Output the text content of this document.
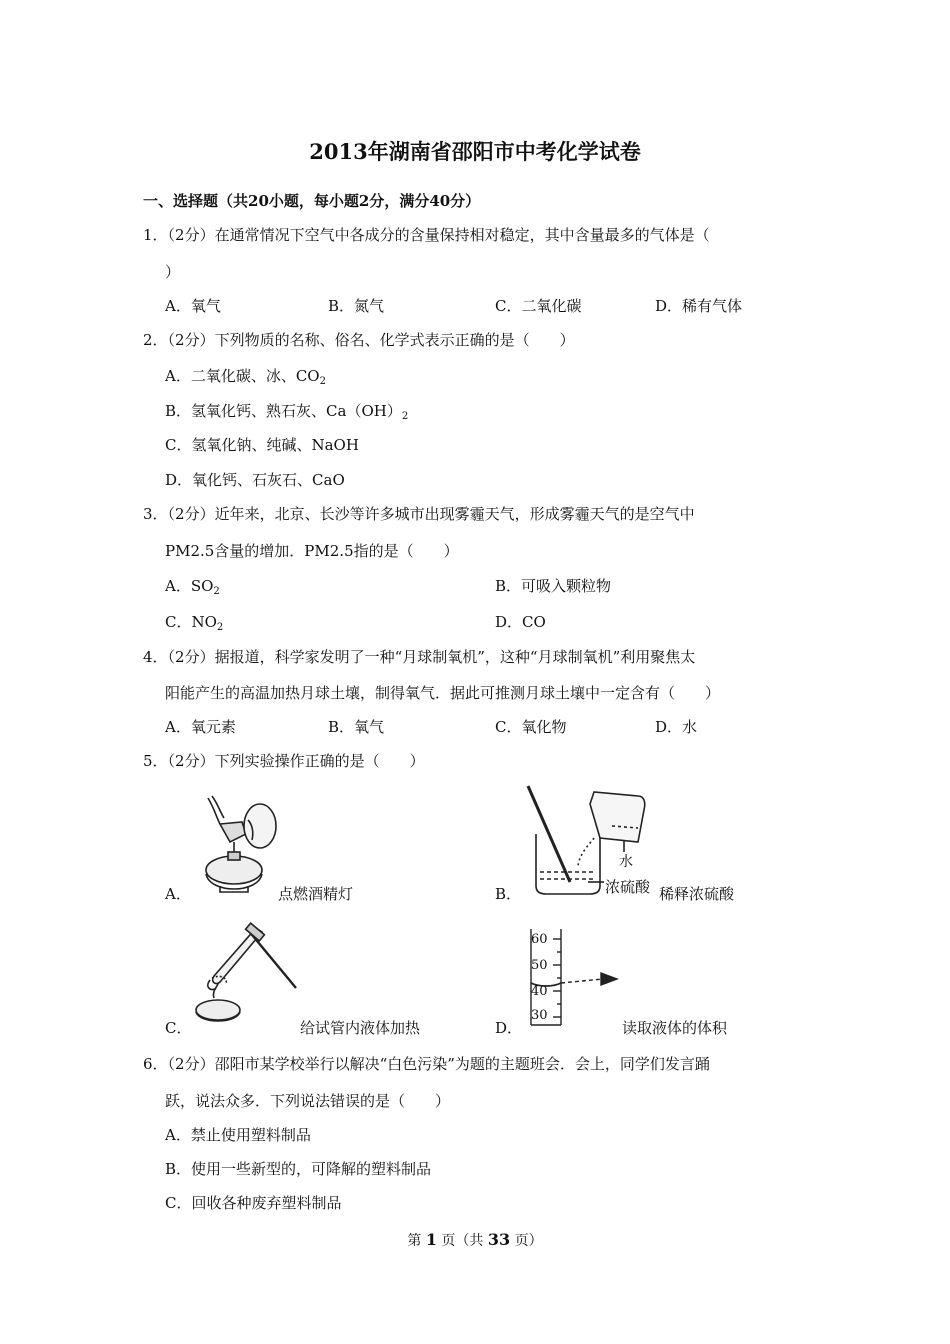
2013年湖南省邵阳市中考化学试卷
一、选择题（共20小题，每小题2分，满分40分）
1．（2分）在通常情况下空气中各成分的含量保持相对稳定，其中含量最多的气体是（
）
A．氧气	B．氮气	C．二氧化碳	D．稀有气体
2．（2分）下列物质的名称、俗名、化学式表示正确的是（　　）
A．二氧化碳、冰、$CO_2$
B．氢氧化钙、熟石灰、$Ca(OH)_2$
C．氢氧化钠、纯碱、NaOH
D．氧化钙、石灰石、CaO
3．（2分）近年来，北京、长沙等许多城市出现雾霾天气，形成雾霾天气的是空气中
PM2.5含量的增加．PM2.5指的是（　　）
A．$SO_2$	B．可吸入颗粒物
C．$NO_2$	D．CO
4．（2分）据报道，科学家发明了一种“月球制氧机”，这种“月球制氧机”利用聚焦太
阳能产生的高温加热月球土壤，制得氧气．据此可推测月球土壤中一定含有（　　）
A．氧元素	B．氧气	C．氧化物	D．水
5．（2分）下列实验操作正确的是（　　）
A．	点燃酒精灯	B．
水
浓硫酸 稀释浓硫酸
C．	给试管内液体加热	D．
60
50
40
30
读取液体的体积
6．（2分）邵阳市某学校举行以解决“白色污染”为题的主题班会．会上，同学们发言踊
跃，说法众多．下列说法错误的是（　　）
A．禁止使用塑料制品
B．使用一些新型的，可降解的塑料制品
C．回收各种废弃塑料制品
第 1 页（共 33 页）
